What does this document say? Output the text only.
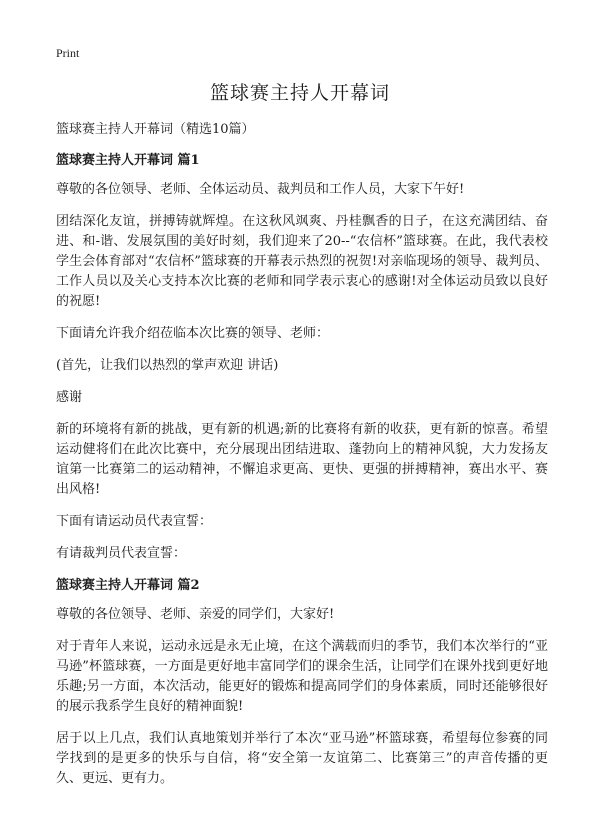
Print
篮球赛主持人开幕词

篮球赛主持人开幕词（精选10篇）

篮球赛主持人开幕词 篇1

尊敬的各位领导、老师、全体运动员、裁判员和工作人员，大家下午好!

团结深化友谊，拼搏铸就辉煌。在这秋风飒爽、丹桂飘香的日子，在这充满团结、奋进、和-谐、发展氛围的美好时刻，我们迎来了20--“农信杯”篮球赛。在此，我代表校学生会体育部对“农信杯”篮球赛的开幕表示热烈的祝贺!对亲临现场的领导、裁判员、工作人员以及关心支持本次比赛的老师和同学表示衷心的感谢!对全体运动员致以良好的祝愿!

下面请允许我介绍莅临本次比赛的领导、老师：

(首先，让我们以热烈的掌声欢迎 讲话)

感谢

新的环境将有新的挑战，更有新的机遇;新的比赛将有新的收获，更有新的惊喜。希望运动健将们在此次比赛中，充分展现出团结进取、蓬勃向上的精神风貌，大力发扬友谊第一比赛第二的运动精神，不懈追求更高、更快、更强的拼搏精神，赛出水平、赛出风格!

下面有请运动员代表宣誓：

有请裁判员代表宣誓：

篮球赛主持人开幕词 篇2

尊敬的各位领导、老师、亲爱的同学们，大家好!

对于青年人来说，运动永远是永无止境，在这个满载而归的季节，我们本次举行的“亚马逊”杯篮球赛，一方面是更好地丰富同学们的课余生活，让同学们在课外找到更好地乐趣;另一方面，本次活动，能更好的锻炼和提高同学们的身体素质，同时还能够很好的展示我系学生良好的精神面貌!

居于以上几点，我们认真地策划并举行了本次“亚马逊”杯篮球赛，希望每位参赛的同学找到的是更多的快乐与自信，将“安全第一友谊第二、比赛第三”的声音传播的更久、更远、更有力。
